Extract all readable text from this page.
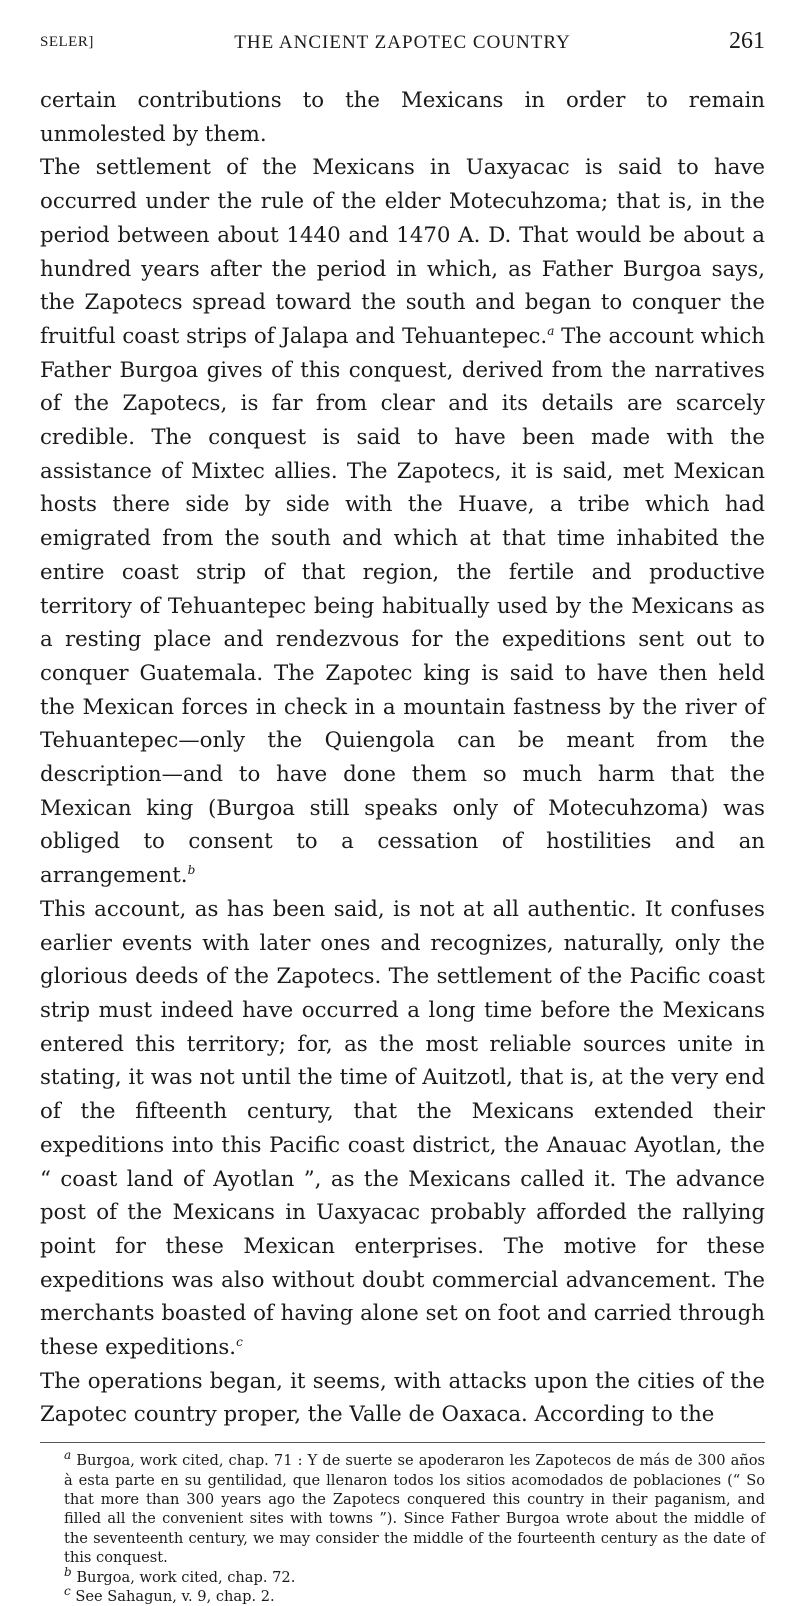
SELER]	THE ANCIENT ZAPOTEC COUNTRY	261

certain contributions to the Mexicans in order to remain unmolested by them.

The settlement of the Mexicans in Uaxyacac is said to have occurred under the rule of the elder Motecuhzoma; that is, in the period between about 1440 and 1470 A. D. That would be about a hundred years after the period in which, as Father Burgoa says, the Zapotecs spread toward the south and began to conquer the fruitful coast strips of Jalapa and Tehuantepec.$^a$ The account which Father Burgoa gives of this conquest, derived from the narratives of the Zapotecs, is far from clear and its details are scarcely credible. The conquest is said to have been made with the assistance of Mixtec allies. The Zapotecs, it is said, met Mexican hosts there side by side with the Huave, a tribe which had emigrated from the south and which at that time inhabited the entire coast strip of that region, the fertile and productive territory of Tehuantepec being habitually used by the Mexicans as a resting place and rendezvous for the expeditions sent out to conquer Guatemala. The Zapotec king is said to have then held the Mexican forces in check in a mountain fastness by the river of Tehuantepec—only the Quiengola can be meant from the description—and to have done them so much harm that the Mexican king (Burgoa still speaks only of Motecuhzoma) was obliged to consent to a cessation of hostilities and an arrangement.$^b$

This account, as has been said, is not at all authentic. It confuses earlier events with later ones and recognizes, naturally, only the glorious deeds of the Zapotecs. The settlement of the Pacific coast strip must indeed have occurred a long time before the Mexicans entered this territory; for, as the most reliable sources unite in stating, it was not until the time of Auitzotl, that is, at the very end of the fifteenth century, that the Mexicans extended their expeditions into this Pacific coast district, the Anauac Ayotlan, the “ coast land of Ayotlan ”, as the Mexicans called it. The advance post of the Mexicans in Uaxyacac probably afforded the rallying point for these Mexican enterprises. The motive for these expeditions was also without doubt commercial advancement. The merchants boasted of having alone set on foot and carried through these expeditions.$^c$

The operations began, it seems, with attacks upon the cities of the Zapotec country proper, the Valle de Oaxaca. According to the

$^a$ Burgoa, work cited, chap. 71 : Y de suerte se apoderaron les Zapotecos de más de 300 años à esta parte en su gentilidad, que llenaron todos los sitios acomodados de poblaciones (“ So that more than 300 years ago the Zapotecs conquered this country in their paganism, and filled all the convenient sites with towns ”). Since Father Burgoa wrote about the middle of the seventeenth century, we may consider the middle of the fourteenth century as the date of this conquest.

$^b$ Burgoa, work cited, chap. 72.

$^c$ See Sahagun, v. 9, chap. 2.
